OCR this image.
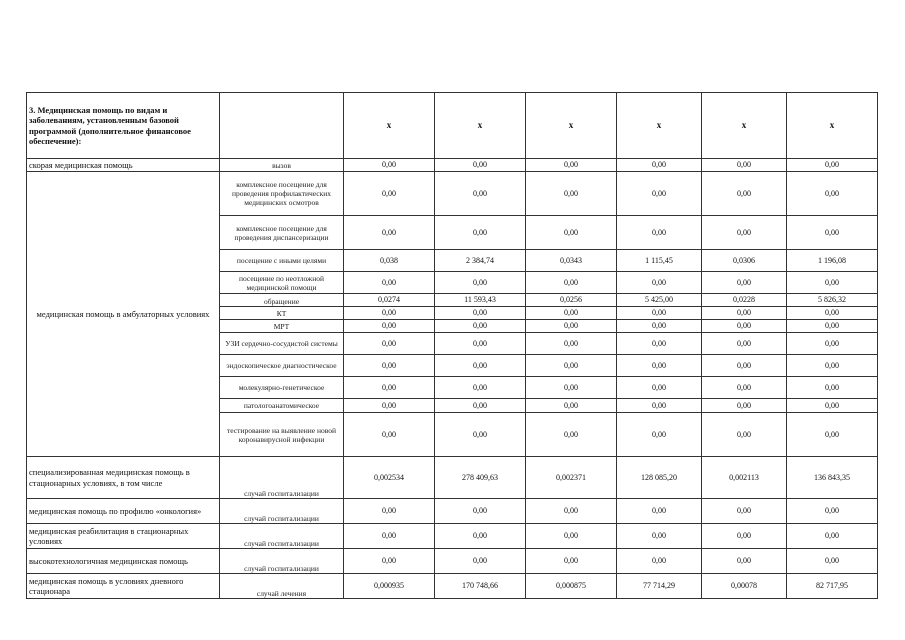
3. Медицинская помощь по видам и заболеваниям, установленным базовой программой (дополнительное финансовое обеспечение):		х	х	х	х	х	х
скорая медицинская помощь	вызов	0,00	0,00	0,00	0,00	0,00	0,00
медицинская помощь в амбулаторных условиях	комплексное посещение для проведения профилактических медицинских осмотров	0,00	0,00	0,00	0,00	0,00	0,00
	комплексное посещение для проведения диспансеризации	0,00	0,00	0,00	0,00	0,00	0,00
	посещение с иными целями	0,038	2 384,74	0,0343	1 115,45	0,0306	1 196,08
	посещение по неотложной медицинской помощи	0,00	0,00	0,00	0,00	0,00	0,00
	обращение	0,0274	11 593,43	0,0256	5 425,00	0,0228	5 826,32
	КТ	0,00	0,00	0,00	0,00	0,00	0,00
	МРТ	0,00	0,00	0,00	0,00	0,00	0,00
	УЗИ сердечно-сосудистой системы	0,00	0,00	0,00	0,00	0,00	0,00
	эндоскопическое диагностическое	0,00	0,00	0,00	0,00	0,00	0,00
	молекулярно-генетическое	0,00	0,00	0,00	0,00	0,00	0,00
	патологоанатомическое	0,00	0,00	0,00	0,00	0,00	0,00
	тестирование на выявление новой коронавирусной инфекции	0,00	0,00	0,00	0,00	0,00	0,00
специализированная медицинская помощь в стационарных условиях, в том числе	случай госпитализации	0,002534	278 409,63	0,002371	128 085,20	0,002113	136 843,35
медицинская помощь по профилю «онкология»	случай госпитализации	0,00	0,00	0,00	0,00	0,00	0,00
медицинская реабилитация в стационарных условиях	случай госпитализации	0,00	0,00	0,00	0,00	0,00	0,00
высокотехнологичная медицинская помощь	случай госпитализации	0,00	0,00	0,00	0,00	0,00	0,00
медицинская помощь в условиях дневного стационара	случай лечения	0,000935	170 748,66	0,000875	77 714,29	0,00078	82 717,95
